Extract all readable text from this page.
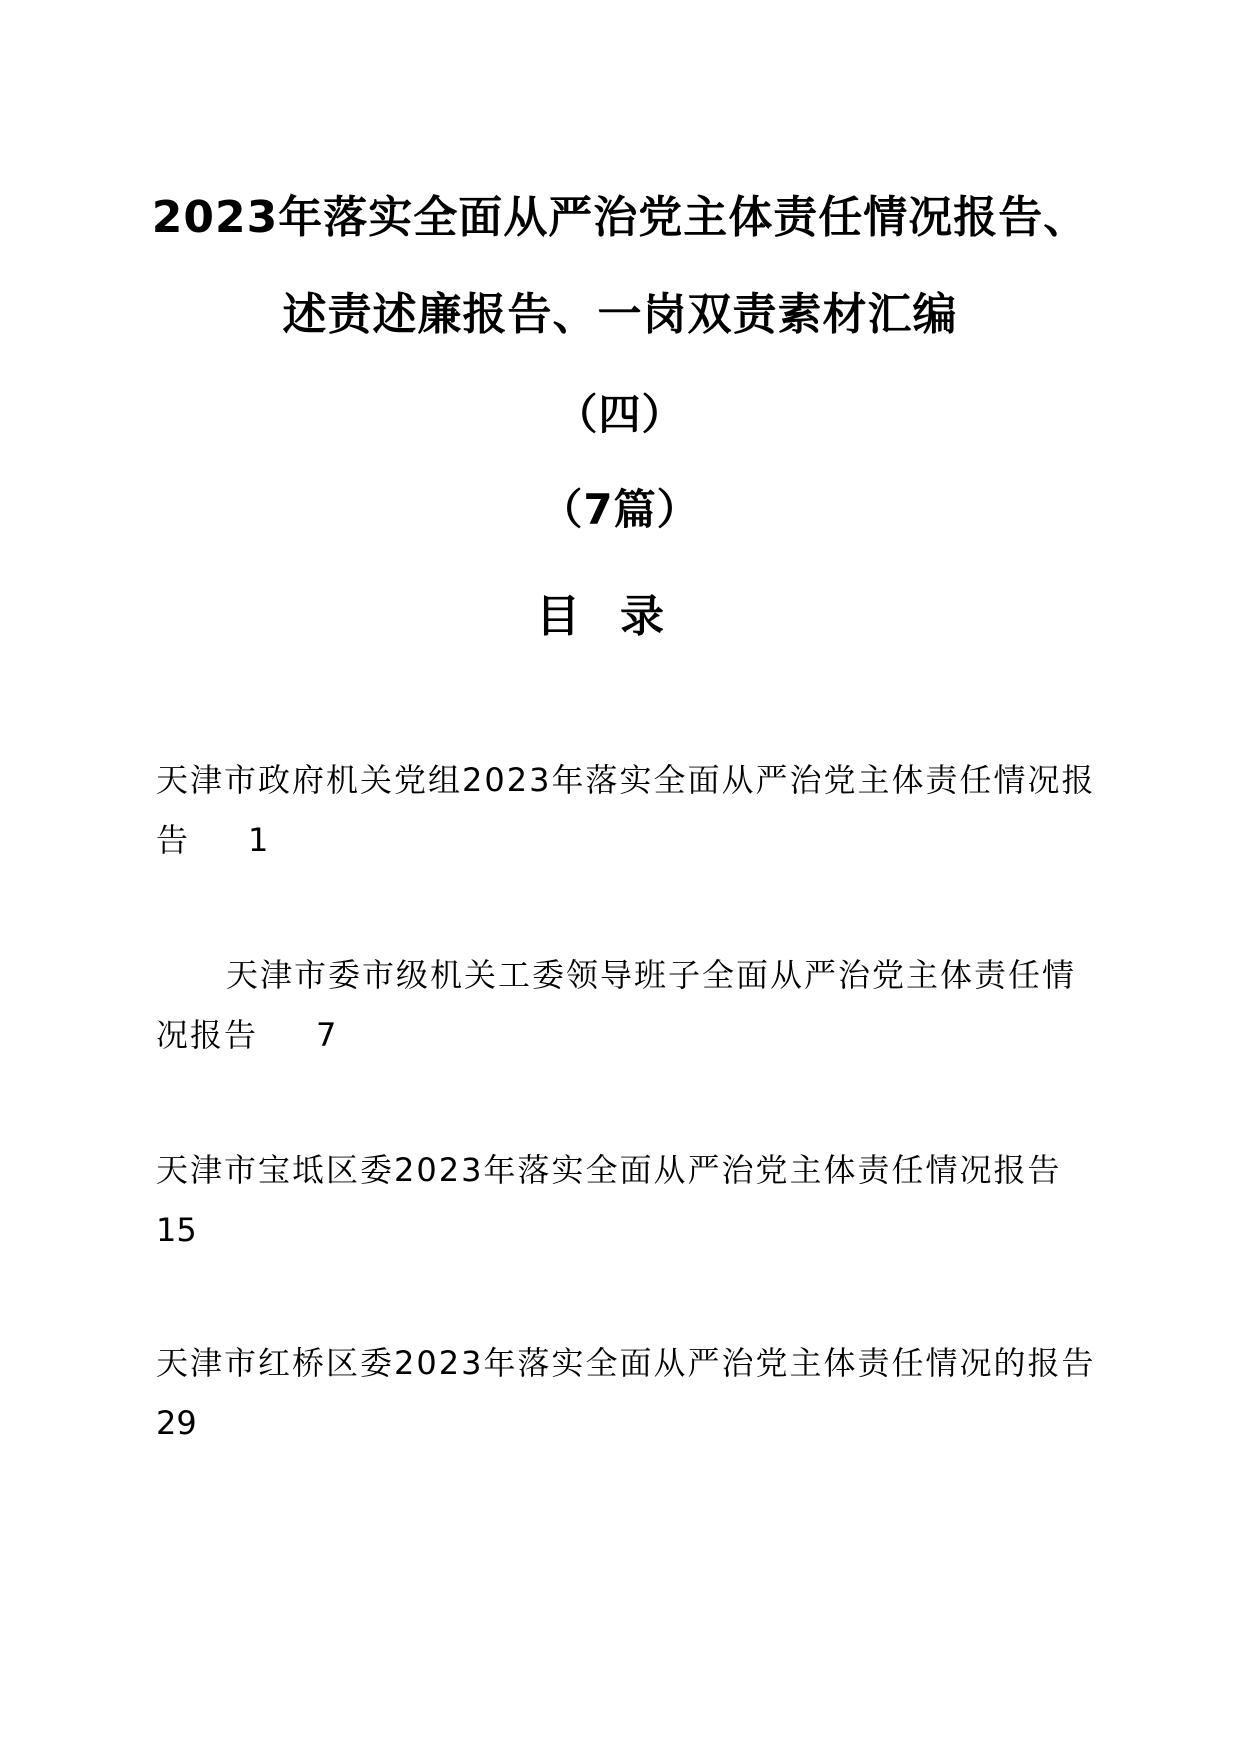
2023年落实全面从严治党主体责任情况报告、
述责述廉报告、一岗双责素材汇编
（四）
（7篇）
目录
天津市政府机关党组2023年落实全面从严治党主体责任情况报
告 1
天津市委市级机关工委领导班子全面从严治党主体责任情
况报告 7
天津市宝坻区委2023年落实全面从严治党主体责任情况报告
15
天津市红桥区委2023年落实全面从严治党主体责任情况的报告
29
